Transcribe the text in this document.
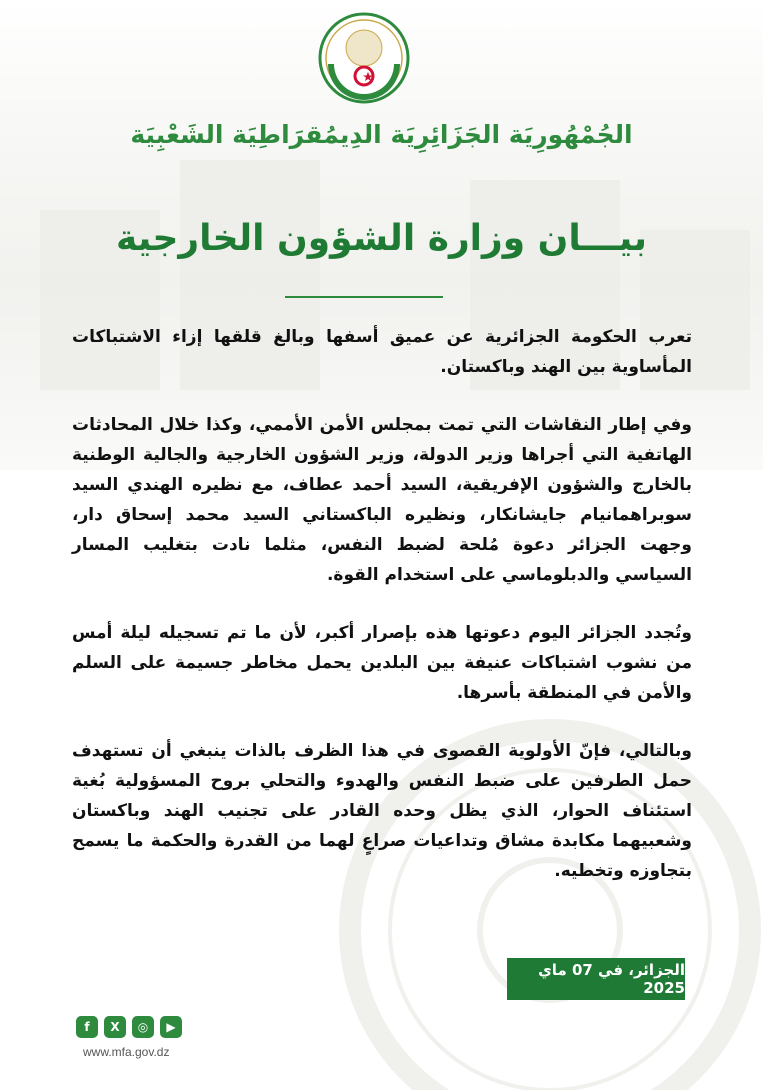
الجُمْهُورِيَة الجَزَائِرِيَة الدِيمُقرَاطِيَة الشَعْبِيَة
بيـــان وزارة الشؤون الخارجية

تعرب الحكومة الجزائرية عن عميق أسفها وبالغ قلقها إزاء الاشتباكات المأساوية بين الهند وباكستان.

وفي إطار النقاشات التي تمت بمجلس الأمن الأممي، وكذا خلال المحادثات الهاتفية التي أجراها وزير الدولة، وزير الشؤون الخارجية والجالية الوطنية بالخارج والشؤون الإفريقية، السيد أحمد عطاف، مع نظيره الهندي السيد سوبراهمانيام جايشانكار، ونظيره الباكستاني السيد محمد إسحاق دار، وجهت الجزائر دعوة مُلحة لضبط النفس، مثلما نادت بتغليب المسار السياسي والدبلوماسي على استخدام القوة.

وتُجدد الجزائر اليوم دعوتها هذه بإصرار أكبر، لأن ما تم تسجيله ليلة أمس من نشوب اشتباكات عنيفة بين البلدين يحمل مخاطر جسيمة على السلم والأمن في المنطقة بأسرها.

وبالتالي، فإنّ الأولوية القصوى في هذا الظرف بالذات ينبغي أن تستهدف حمل الطرفين على ضبط النفس والهدوء والتحلي بروح المسؤولية بُغية استئناف الحوار، الذي يظل وحده القادر على تجنيب الهند وباكستان وشعبيهما مكابدة مشاق وتداعيات صراعٍ لهما من القدرة والحكمة ما يسمح بتجاوزه وتخطيه.

الجزائر، في 07 ماي 2025
f	X	◎	▶
www.mfa.gov.dz
